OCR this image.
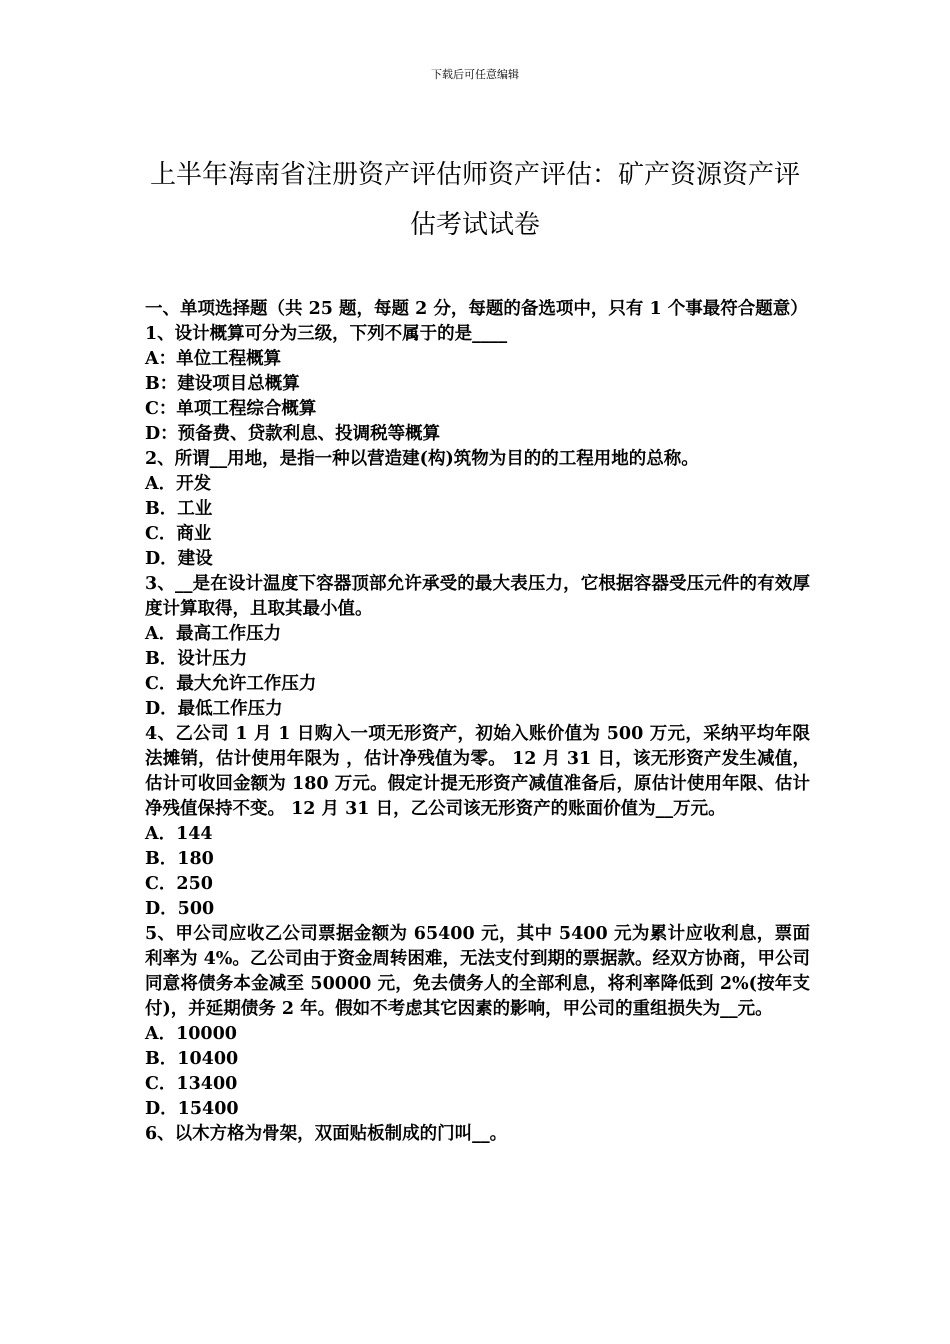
下载后可任意编辑
上半年海南省注册资产评估师资产评估：矿产资源资产评估考试试卷

一、单项选择题（共 25 题，每题 2 分，每题的备选项中，只有 1 个事最符合题意）

1、设计概算可分为三级，下列不属于的是____

A：单位工程概算
B：建设项目总概算
C：单项工程综合概算
D：预备费、贷款利息、投调税等概算

2、所谓__用地，是指一种以营造建(构)筑物为目的的工程用地的总称。

A．开发
B．工业
C．商业
D．建设

3、__是在设计温度下容器顶部允许承受的最大表压力，它根据容器受压元件的有效厚度计算取得，且取其最小值。

A．最高工作压力
B．设计压力
C．最大允许工作压力
D．最低工作压力

4、乙公司 1 月 1 日购入一项无形资产，初始入账价值为 500 万元，采纳平均年限法摊销，估计使用年限为 ，估计净残值为零。 12 月 31 日，该无形资产发生减值，估计可收回金额为 180 万元。假定计提无形资产减值准备后，原估计使用年限、估计净残值保持不变。 12 月 31 日，乙公司该无形资产的账面价值为__万元。

A．144
B．180
C．250
D．500

5、甲公司应收乙公司票据金额为 65400 元，其中 5400 元为累计应收利息，票面利率为 4%。乙公司由于资金周转困难，无法支付到期的票据款。经双方协商，甲公司同意将债务本金减至 50000 元，免去债务人的全部利息，将利率降低到 2%(按年支付)，并延期债务 2 年。假如不考虑其它因素的影响，甲公司的重组损失为__元。

A．10000
B．10400
C．13400
D．15400

6、以木方格为骨架，双面贴板制成的门叫__。
